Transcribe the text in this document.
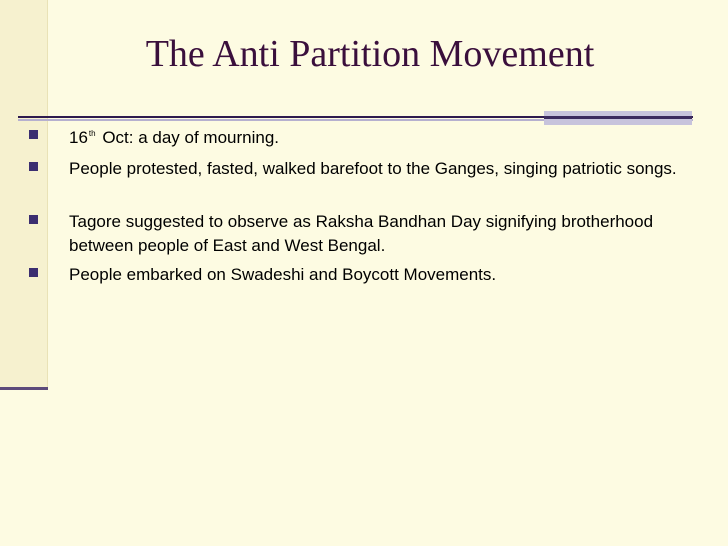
The Anti Partition Movement
16th Oct: a day of mourning.
People protested, fasted, walked barefoot to the Ganges, singing patriotic songs.
Tagore suggested to observe as Raksha Bandhan Day signifying brotherhood between people of East and West Bengal.
People embarked on Swadeshi and Boycott Movements.
